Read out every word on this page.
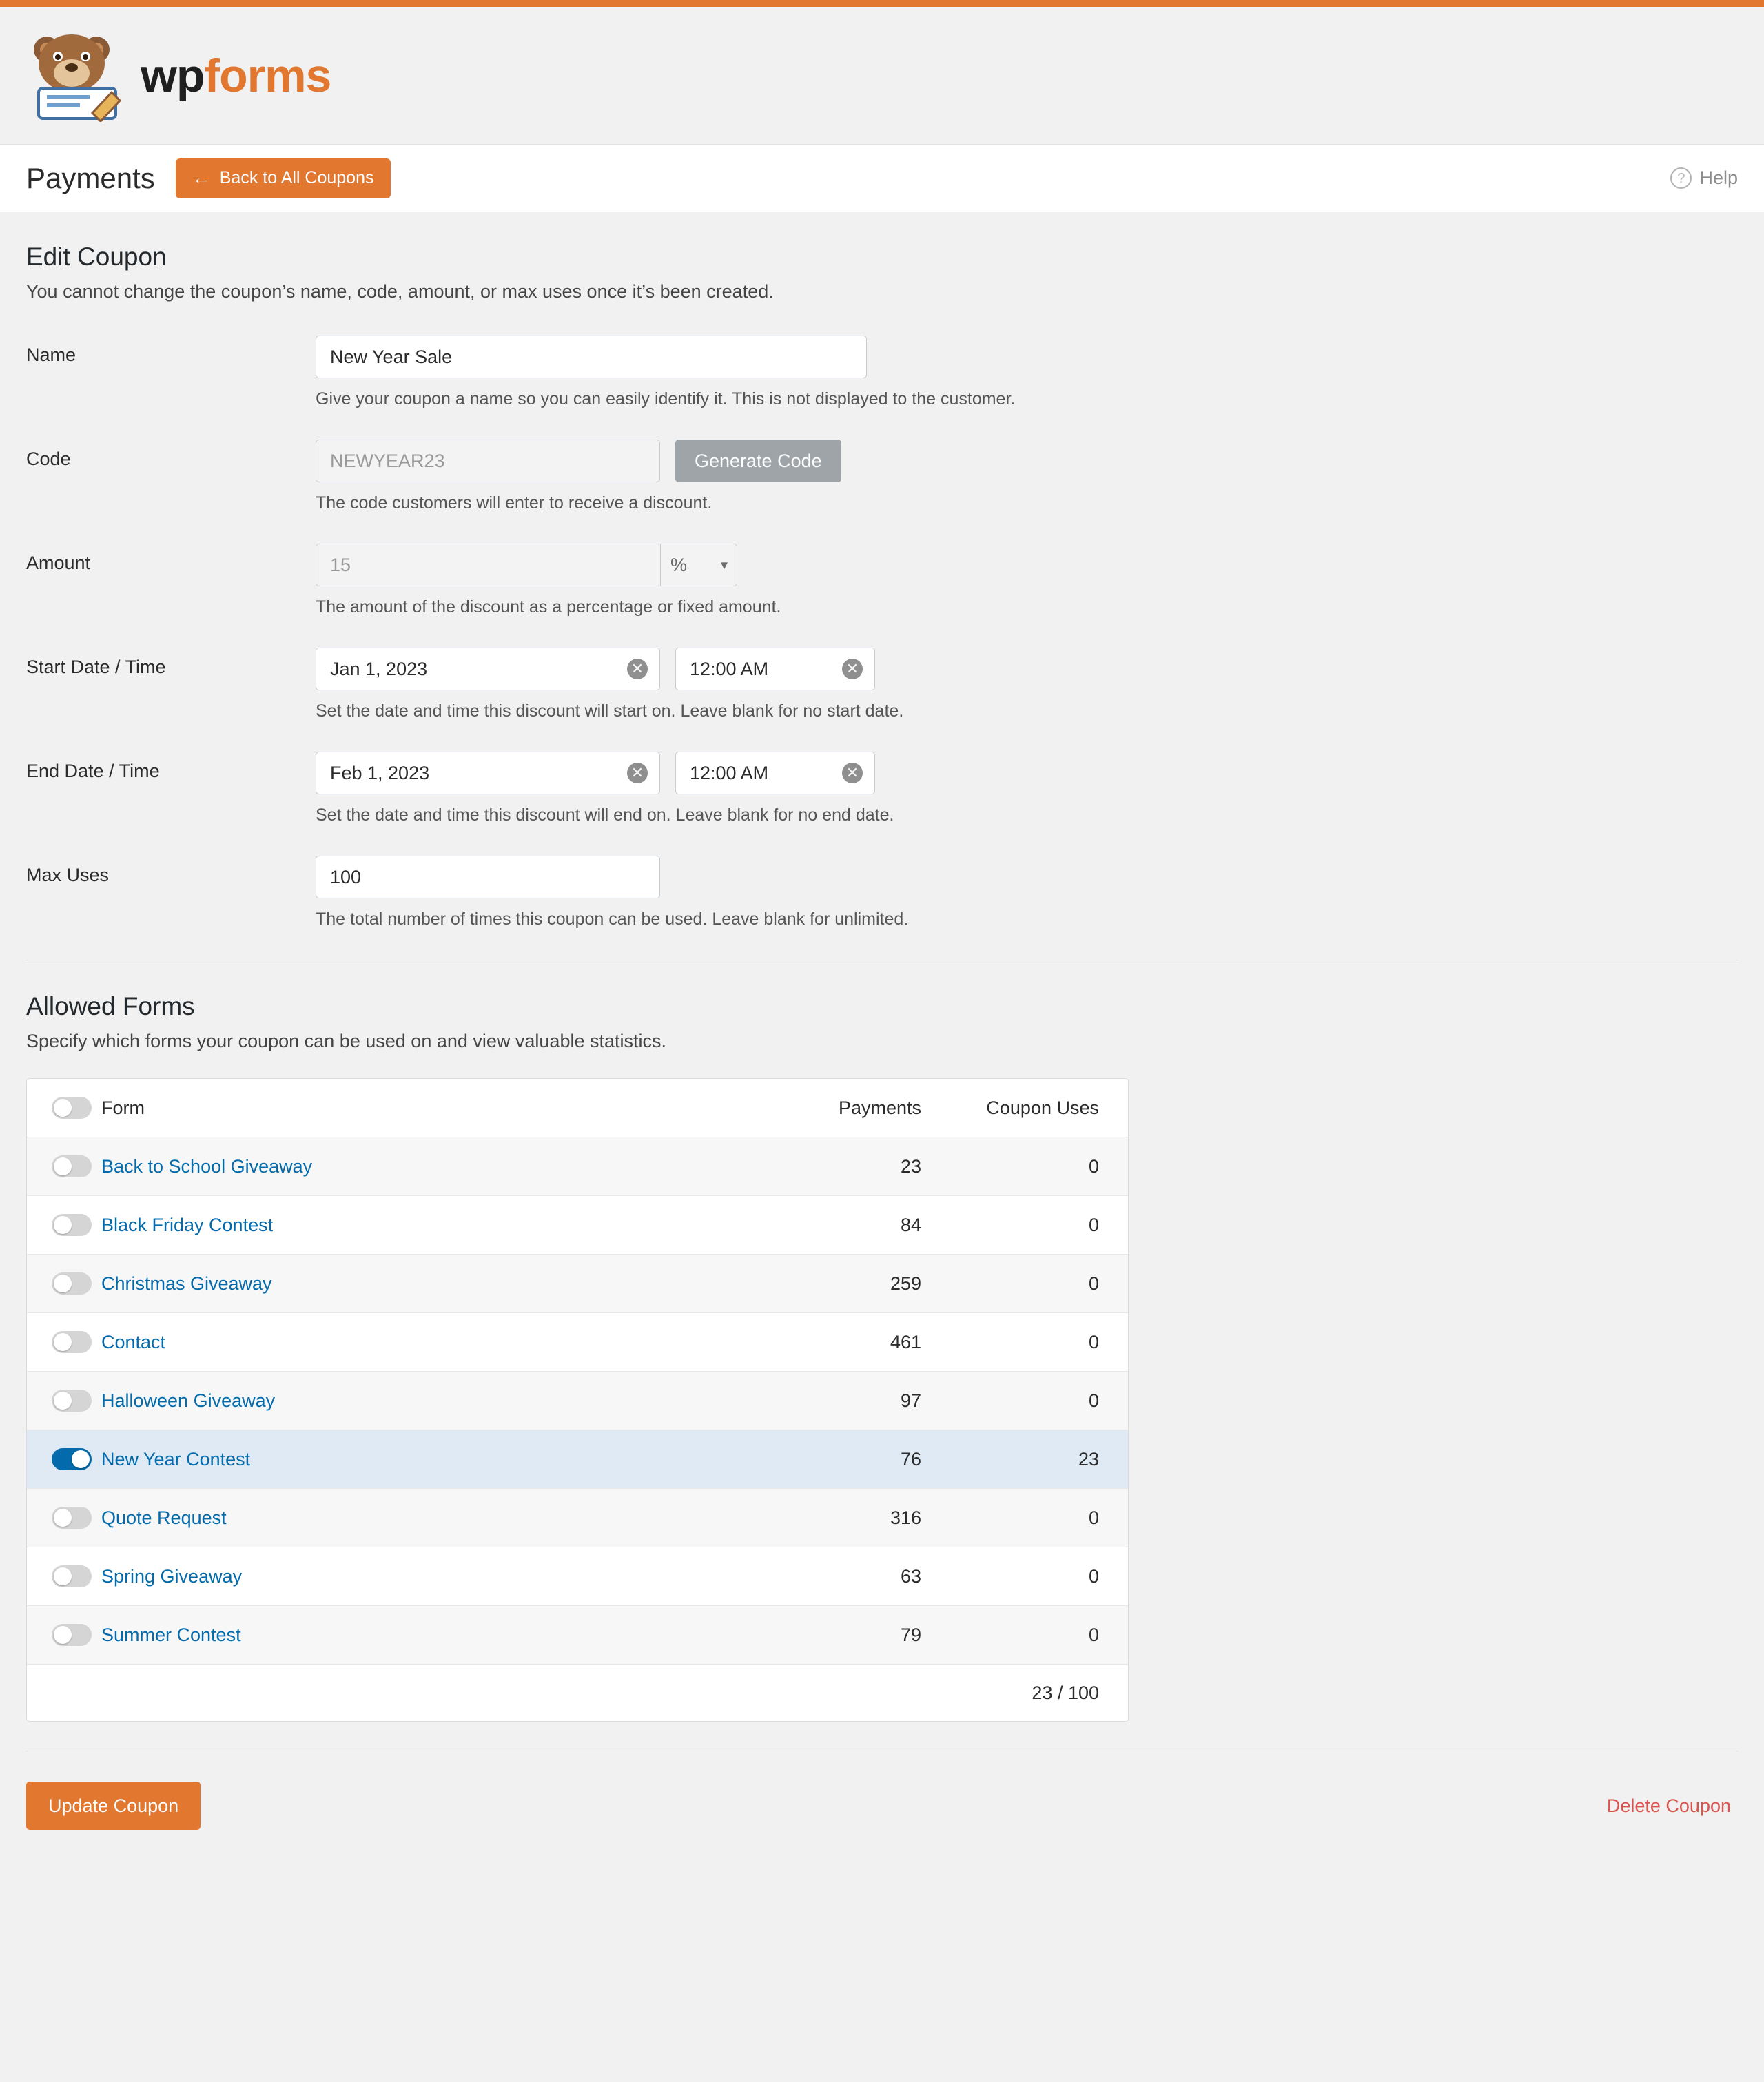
wpforms
Payments ← Back to All Coupons	? Help
Edit Coupon

You cannot change the coupon’s name, code, amount, or max uses once it’s been created.

Name
New Year Sale
Give your coupon a name so you can easily identify it. This is not displayed to the customer.
Code
NEWYEAR23	Generate Code
The code customers will enter to receive a discount.
Amount
15
%	▾
The amount of the discount as a percentage or fixed amount.
Start Date / Time
Jan 1, 2023	✕
12:00 AM	✕
Set the date and time this discount will start on. Leave blank for no start date.
End Date / Time
Feb 1, 2023	✕
12:00 AM	✕
Set the date and time this discount will end on. Leave blank for no end date.
Max Uses
100
The total number of times this coupon can be used. Leave blank for unlimited.
Allowed Forms

Specify which forms your coupon can be used on and view valuable statistics.

Form	Payments	Coupon Uses
Back to School Giveaway	23	0
Black Friday Contest	84	0
Christmas Giveaway	259	0
Contact	461	0
Halloween Giveaway	97	0
New Year Contest	76	23
Quote Request	316	0
Spring Giveaway	63	0
Summer Contest	79	0
23 / 100
Update Coupon	Delete Coupon
